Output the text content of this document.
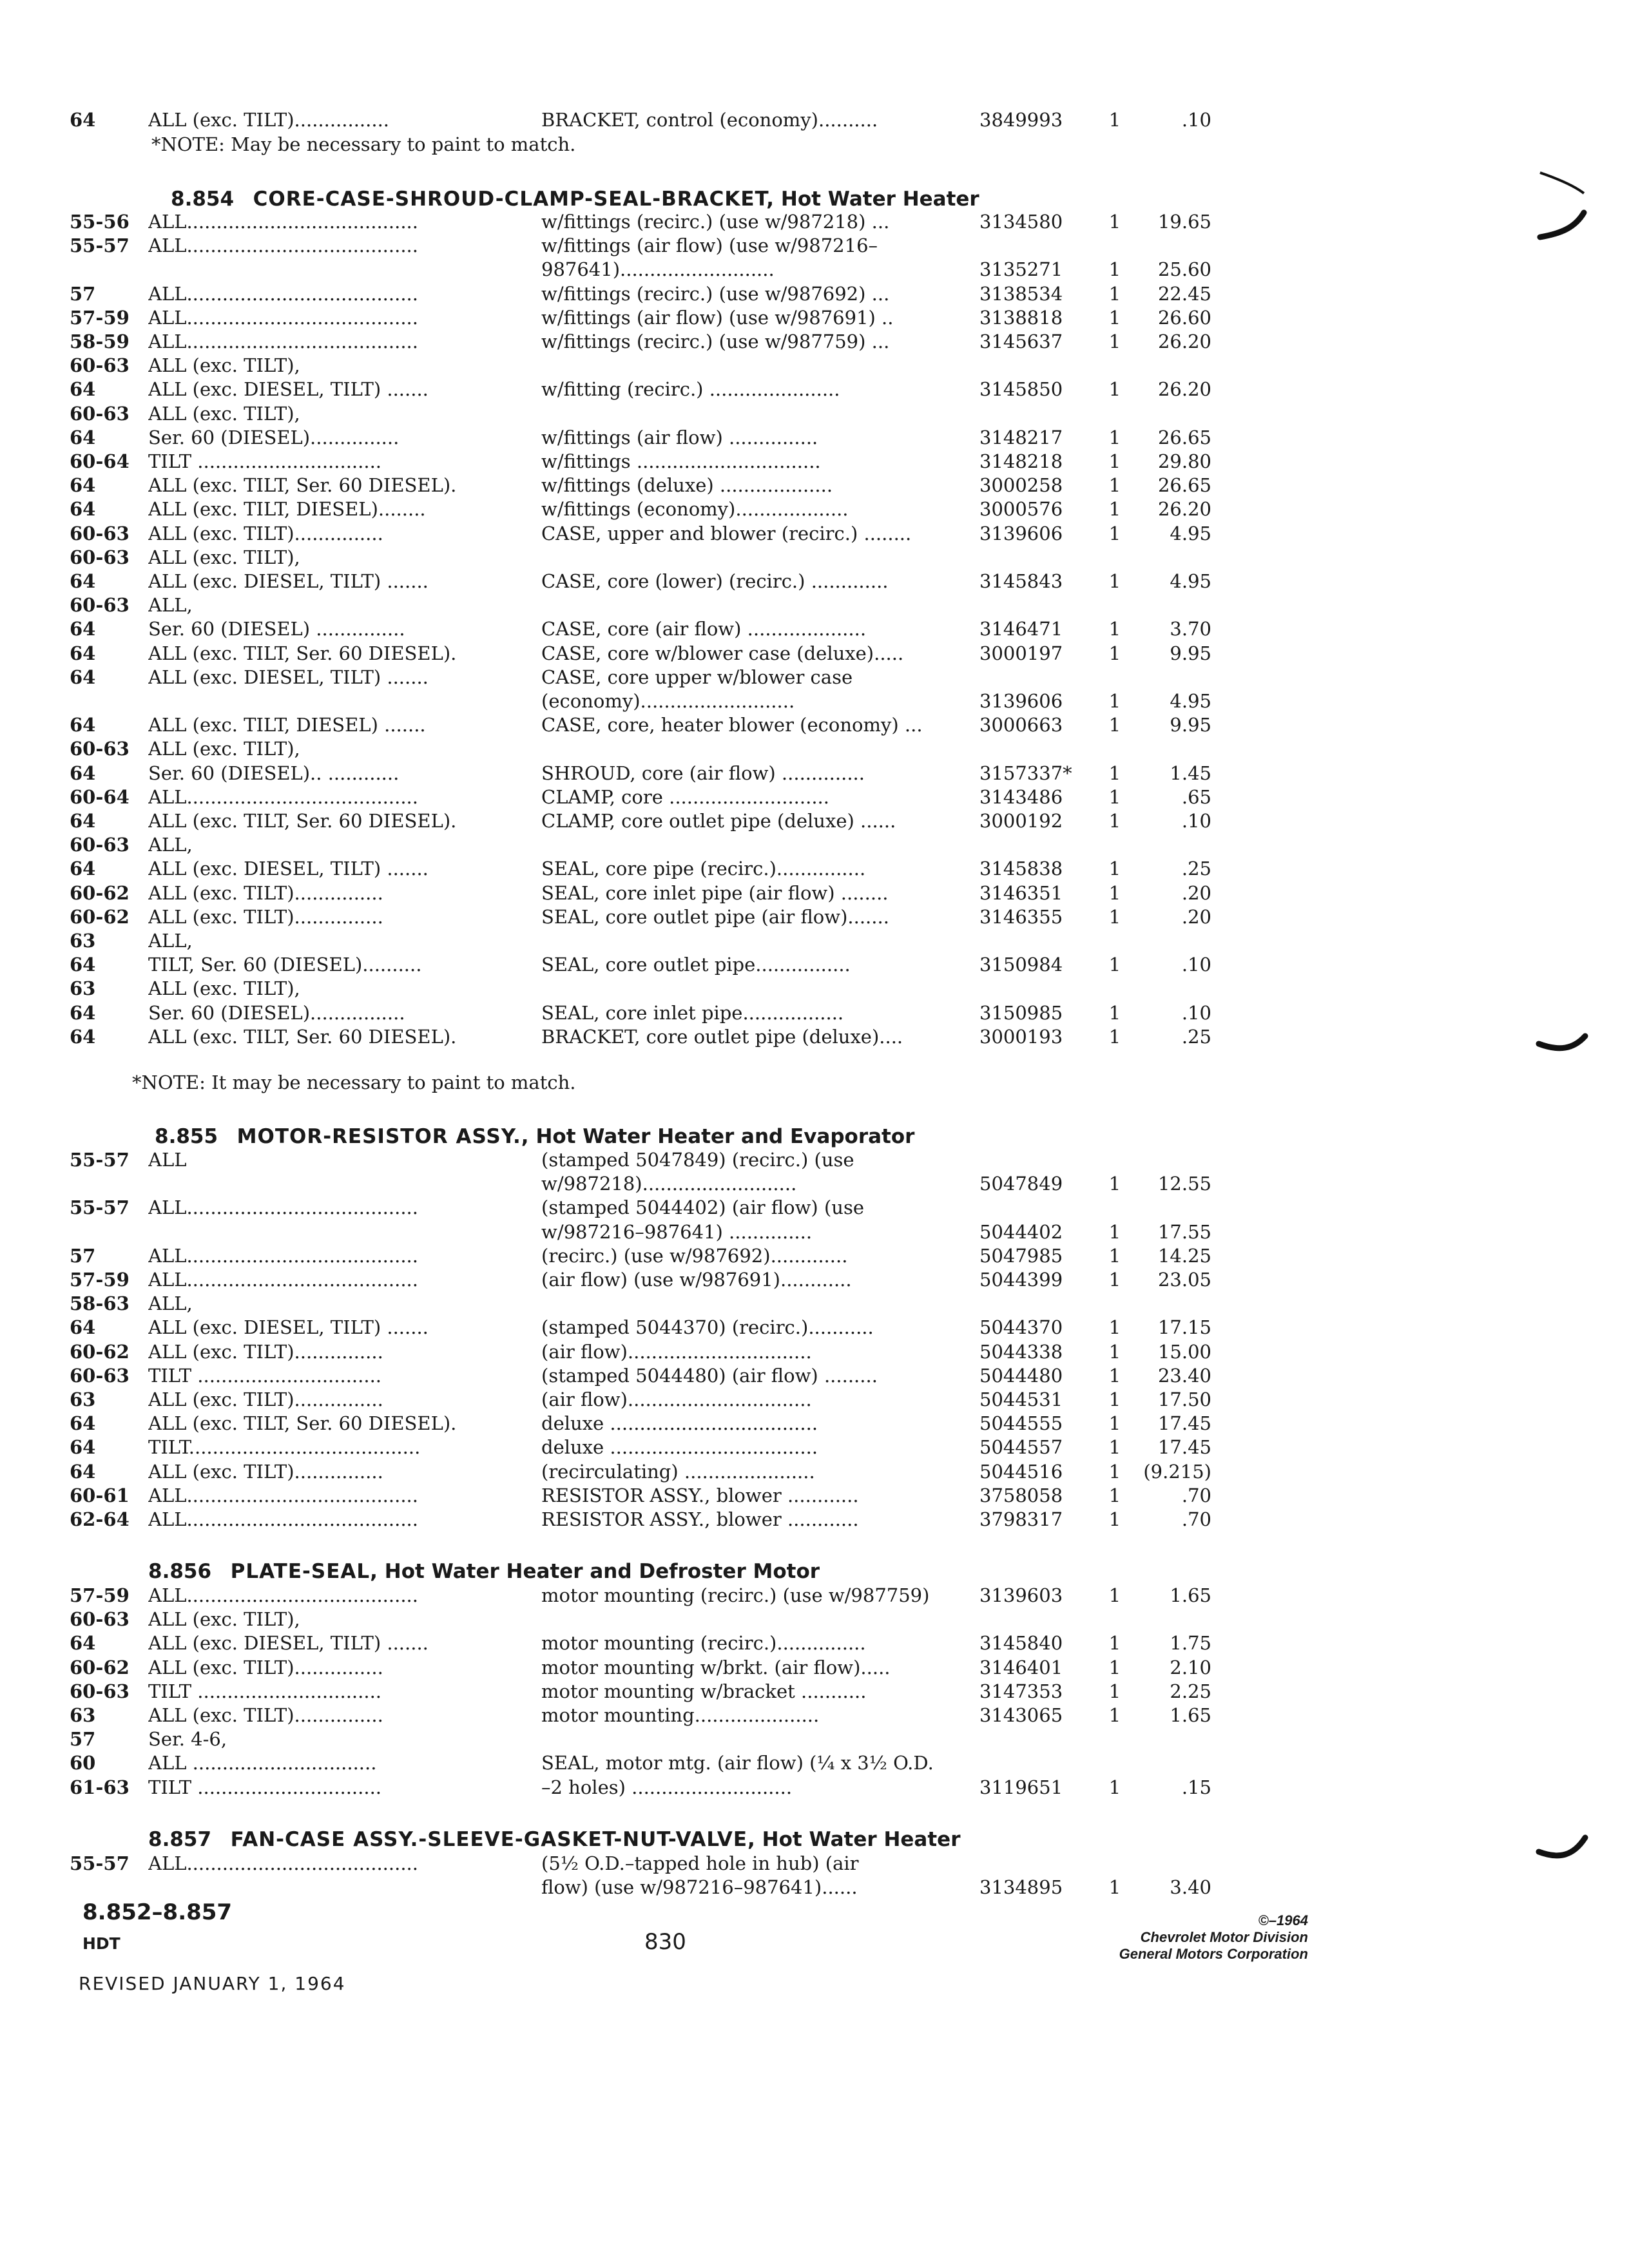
64	ALL (exc. TILT)................	BRACKET, control (economy)..........	3849993	1	.10
*NOTE: May be necessary to paint to match.
8.854 CORE-CASE-SHROUD-CLAMP-SEAL-BRACKET, Hot Water Heater
55-56	ALL.......................................	w/fittings (recirc.) (use w/987218) ...	3134580	1	19.65
55-57	ALL.......................................	w/fittings (air flow) (use w/987216–
987641)..........................	3135271	1	25.60
57	ALL.......................................	w/fittings (recirc.) (use w/987692) ...	3138534	1	22.45
57-59	ALL.......................................	w/fittings (air flow) (use w/987691) ..	3138818	1	26.60
58-59	ALL.......................................	w/fittings (recirc.) (use w/987759) ...	3145637	1	26.20
60-63	ALL (exc. TILT),
64	ALL (exc. DIESEL, TILT) .......	w/fitting (recirc.) ......................	3145850	1	26.20
60-63	ALL (exc. TILT),
64	Ser. 60 (DIESEL)...............	w/fittings (air flow) ...............	3148217	1	26.65
60-64	TILT ...............................	w/fittings ...............................	3148218	1	29.80
64	ALL (exc. TILT, Ser. 60 DIESEL).	w/fittings (deluxe) ...................	3000258	1	26.65
64	ALL (exc. TILT, DIESEL)........	w/fittings (economy)...................	3000576	1	26.20
60-63	ALL (exc. TILT)...............	CASE, upper and blower (recirc.) ........	3139606	1	4.95
60-63	ALL (exc. TILT),
64	ALL (exc. DIESEL, TILT) .......	CASE, core (lower) (recirc.) .............	3145843	1	4.95
60-63	ALL,
64	Ser. 60 (DIESEL) ...............	CASE, core (air flow) ....................	3146471	1	3.70
64	ALL (exc. TILT, Ser. 60 DIESEL).	CASE, core w/blower case (deluxe).....	3000197	1	9.95
64	ALL (exc. DIESEL, TILT) .......	CASE, core upper w/blower case
(economy)..........................	3139606	1	4.95
64	ALL (exc. TILT, DIESEL) .......	CASE, core, heater blower (economy) ...	3000663	1	9.95
60-63	ALL (exc. TILT),
64	Ser. 60 (DIESEL).. ............	SHROUD, core (air flow) ..............	3157337*	1	1.45
60-64	ALL.......................................	CLAMP, core ...........................	3143486	1	.65
64	ALL (exc. TILT, Ser. 60 DIESEL).	CLAMP, core outlet pipe (deluxe) ......	3000192	1	.10
60-63	ALL,
64	ALL (exc. DIESEL, TILT) .......	SEAL, core pipe (recirc.)...............	3145838	1	.25
60-62	ALL (exc. TILT)...............	SEAL, core inlet pipe (air flow) ........	3146351	1	.20
60-62	ALL (exc. TILT)...............	SEAL, core outlet pipe (air flow).......	3146355	1	.20
63	ALL,
64	TILT, Ser. 60 (DIESEL)..........	SEAL, core outlet pipe................	3150984	1	.10
63	ALL (exc. TILT),
64	Ser. 60 (DIESEL)................	SEAL, core inlet pipe.................	3150985	1	.10
64	ALL (exc. TILT, Ser. 60 DIESEL).	BRACKET, core outlet pipe (deluxe)....	3000193	1	.25
*NOTE: It may be necessary to paint to match.
8.855 MOTOR-RESISTOR ASSY., Hot Water Heater and Evaporator
55-57	ALL	(stamped 5047849) (recirc.) (use
w/987218)..........................	5047849	1	12.55
55-57	ALL.......................................	(stamped 5044402) (air flow) (use
w/987216–987641) ..............	5044402	1	17.55
57	ALL.......................................	(recirc.) (use w/987692).............	5047985	1	14.25
57-59	ALL.......................................	(air flow) (use w/987691)............	5044399	1	23.05
58-63	ALL,
64	ALL (exc. DIESEL, TILT) .......	(stamped 5044370) (recirc.)...........	5044370	1	17.15
60-62	ALL (exc. TILT)...............	(air flow)...............................	5044338	1	15.00
60-63	TILT ...............................	(stamped 5044480) (air flow) .........	5044480	1	23.40
63	ALL (exc. TILT)...............	(air flow)...............................	5044531	1	17.50
64	ALL (exc. TILT, Ser. 60 DIESEL).	deluxe ...................................	5044555	1	17.45
64	TILT.......................................	deluxe ...................................	5044557	1	17.45
64	ALL (exc. TILT)...............	(recirculating) ......................	5044516	1	(9.215)
60-61	ALL.......................................	RESISTOR ASSY., blower ............	3758058	1	.70
62-64	ALL.......................................	RESISTOR ASSY., blower ............	3798317	1	.70
8.856 PLATE-SEAL, Hot Water Heater and Defroster Motor
57-59	ALL.......................................	motor mounting (recirc.) (use w/987759)	3139603	1	1.65
60-63	ALL (exc. TILT),
64	ALL (exc. DIESEL, TILT) .......	motor mounting (recirc.)...............	3145840	1	1.75
60-62	ALL (exc. TILT)...............	motor mounting w/brkt. (air flow).....	3146401	1	2.10
60-63	TILT ...............................	motor mounting w/bracket ...........	3147353	1	2.25
63	ALL (exc. TILT)...............	motor mounting.....................	3143065	1	1.65
57	Ser. 4-6,
60	ALL ...............................	SEAL, motor mtg. (air flow) (¼ x 3½ O.D.
61-63	TILT ...............................	–2 holes) ...........................	3119651	1	.15
8.857 FAN-CASE ASSY.-SLEEVE-GASKET-NUT-VALVE, Hot Water Heater
55-57	ALL.......................................	(5½ O.D.–tapped hole in hub) (air
flow) (use w/987216–987641)......	3134895	1	3.40
8.852–8.857
HDT	830
REVISED JANUARY 1, 1964
©–1964
Chevrolet Motor Division
General Motors Corporation
